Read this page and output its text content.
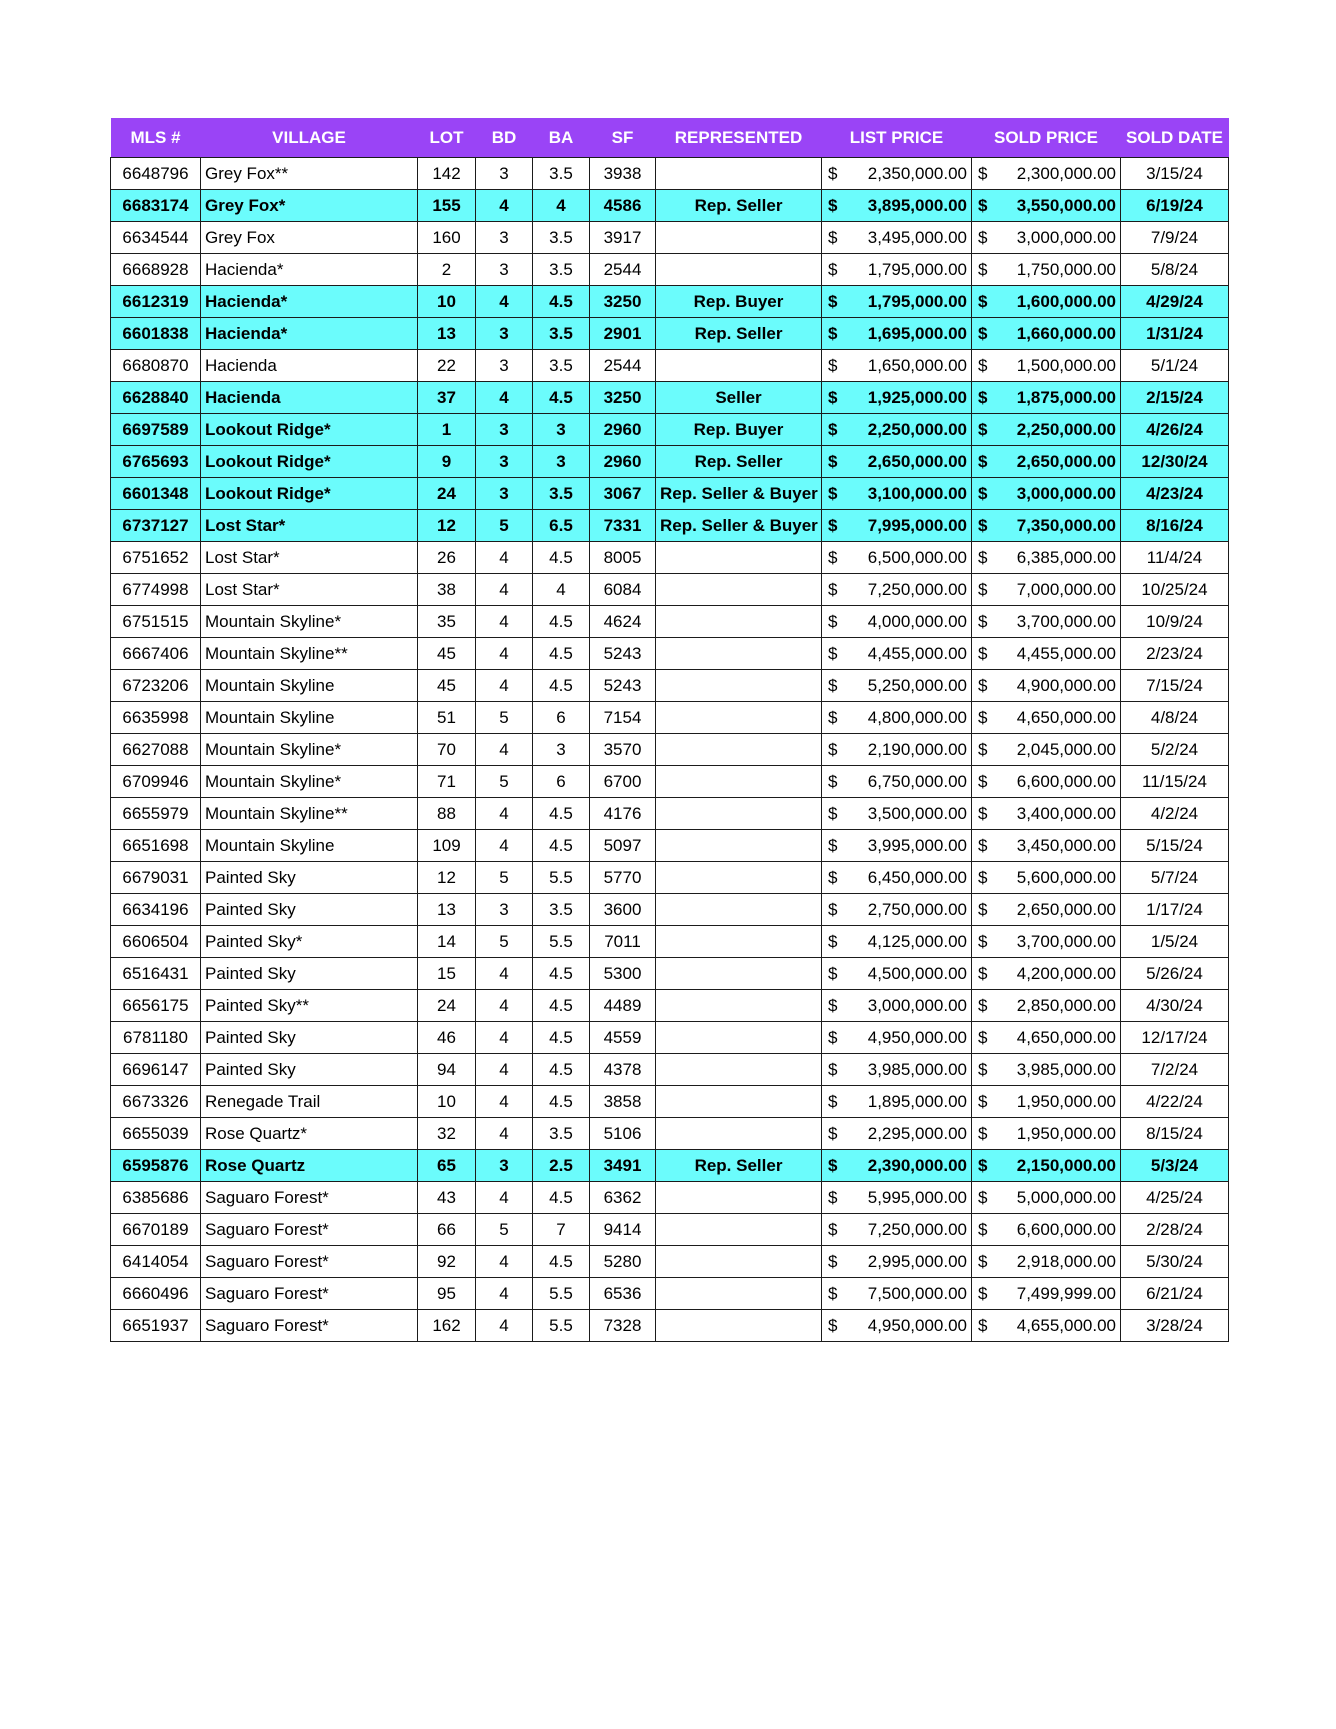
MLS #	VILLAGE	LOT	BD	BA	SF	REPRESENTED	LIST PRICE	SOLD PRICE	SOLD DATE
6648796	Grey Fox**	142	3	3.5	3938		$ 2,350,000.00	$ 2,300,000.00	3/15/24
6683174	Grey Fox*	155	4	4	4586	Rep. Seller	$ 3,895,000.00	$ 3,550,000.00	6/19/24
6634544	Grey Fox	160	3	3.5	3917		$ 3,495,000.00	$ 3,000,000.00	7/9/24
6668928	Hacienda*	2	3	3.5	2544		$ 1,795,000.00	$ 1,750,000.00	5/8/24
6612319	Hacienda*	10	4	4.5	3250	Rep. Buyer	$ 1,795,000.00	$ 1,600,000.00	4/29/24
6601838	Hacienda*	13	3	3.5	2901	Rep. Seller	$ 1,695,000.00	$ 1,660,000.00	1/31/24
6680870	Hacienda	22	3	3.5	2544		$ 1,650,000.00	$ 1,500,000.00	5/1/24
6628840	Hacienda	37	4	4.5	3250	Seller	$ 1,925,000.00	$ 1,875,000.00	2/15/24
6697589	Lookout Ridge*	1	3	3	2960	Rep. Buyer	$ 2,250,000.00	$ 2,250,000.00	4/26/24
6765693	Lookout Ridge*	9	3	3	2960	Rep. Seller	$ 2,650,000.00	$ 2,650,000.00	12/30/24
6601348	Lookout Ridge*	24	3	3.5	3067	Rep. Seller & Buyer	$ 3,100,000.00	$ 3,000,000.00	4/23/24
6737127	Lost Star*	12	5	6.5	7331	Rep. Seller & Buyer	$ 7,995,000.00	$ 7,350,000.00	8/16/24
6751652	Lost Star*	26	4	4.5	8005		$ 6,500,000.00	$ 6,385,000.00	11/4/24
6774998	Lost Star*	38	4	4	6084		$ 7,250,000.00	$ 7,000,000.00	10/25/24
6751515	Mountain Skyline*	35	4	4.5	4624		$ 4,000,000.00	$ 3,700,000.00	10/9/24
6667406	Mountain Skyline**	45	4	4.5	5243		$ 4,455,000.00	$ 4,455,000.00	2/23/24
6723206	Mountain Skyline	45	4	4.5	5243		$ 5,250,000.00	$ 4,900,000.00	7/15/24
6635998	Mountain Skyline	51	5	6	7154		$ 4,800,000.00	$ 4,650,000.00	4/8/24
6627088	Mountain Skyline*	70	4	3	3570		$ 2,190,000.00	$ 2,045,000.00	5/2/24
6709946	Mountain Skyline*	71	5	6	6700		$ 6,750,000.00	$ 6,600,000.00	11/15/24
6655979	Mountain Skyline**	88	4	4.5	4176		$ 3,500,000.00	$ 3,400,000.00	4/2/24
6651698	Mountain Skyline	109	4	4.5	5097		$ 3,995,000.00	$ 3,450,000.00	5/15/24
6679031	Painted Sky	12	5	5.5	5770		$ 6,450,000.00	$ 5,600,000.00	5/7/24
6634196	Painted Sky	13	3	3.5	3600		$ 2,750,000.00	$ 2,650,000.00	1/17/24
6606504	Painted Sky*	14	5	5.5	7011		$ 4,125,000.00	$ 3,700,000.00	1/5/24
6516431	Painted Sky	15	4	4.5	5300		$ 4,500,000.00	$ 4,200,000.00	5/26/24
6656175	Painted Sky**	24	4	4.5	4489		$ 3,000,000.00	$ 2,850,000.00	4/30/24
6781180	Painted Sky	46	4	4.5	4559		$ 4,950,000.00	$ 4,650,000.00	12/17/24
6696147	Painted Sky	94	4	4.5	4378		$ 3,985,000.00	$ 3,985,000.00	7/2/24
6673326	Renegade Trail	10	4	4.5	3858		$ 1,895,000.00	$ 1,950,000.00	4/22/24
6655039	Rose Quartz*	32	4	3.5	5106		$ 2,295,000.00	$ 1,950,000.00	8/15/24
6595876	Rose Quartz	65	3	2.5	3491	Rep. Seller	$ 2,390,000.00	$ 2,150,000.00	5/3/24
6385686	Saguaro Forest*	43	4	4.5	6362		$ 5,995,000.00	$ 5,000,000.00	4/25/24
6670189	Saguaro Forest*	66	5	7	9414		$ 7,250,000.00	$ 6,600,000.00	2/28/24
6414054	Saguaro Forest*	92	4	4.5	5280		$ 2,995,000.00	$ 2,918,000.00	5/30/24
6660496	Saguaro Forest*	95	4	5.5	6536		$ 7,500,000.00	$ 7,499,999.00	6/21/24
6651937	Saguaro Forest*	162	4	5.5	7328		$ 4,950,000.00	$ 4,655,000.00	3/28/24
